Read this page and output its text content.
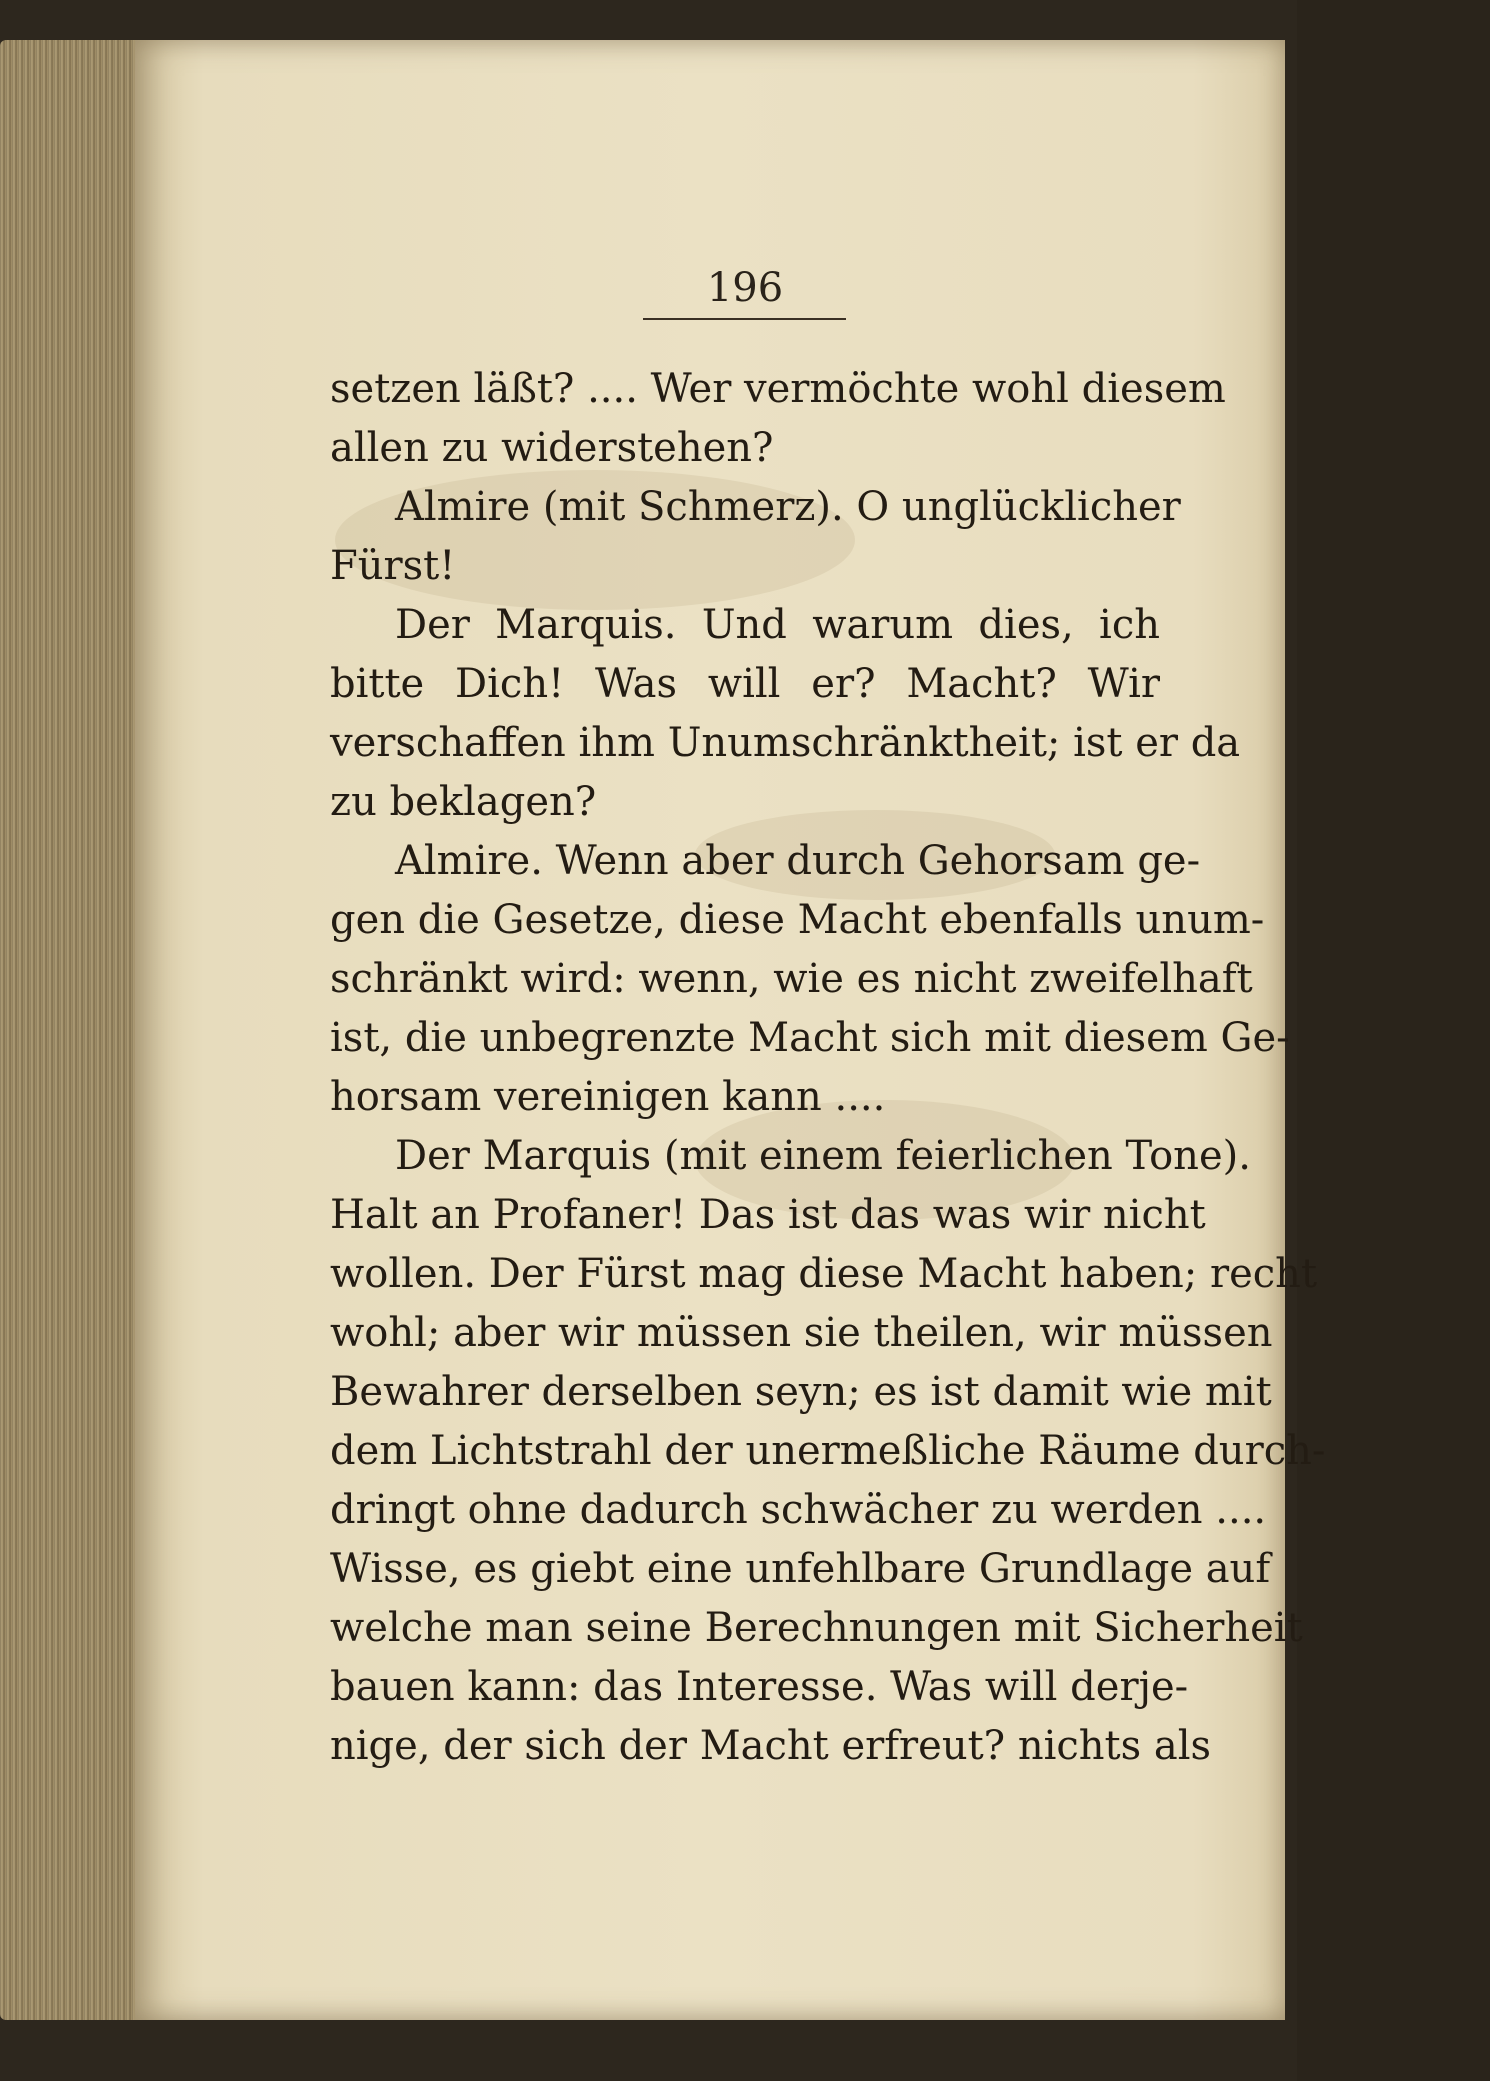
196
setzen läßt? .... Wer vermöchte wohl diesem
allen zu widerstehen?
Almire (mit Schmerz). O unglücklicher
Fürst!
Der Marquis. Und warum dies, ich
bitte Dich! Was will er? Macht? Wir
verschaffen ihm Unumschränktheit; ist er da
zu beklagen?
Almire. Wenn aber durch Gehorsam ge-
gen die Gesetze, diese Macht ebenfalls unum-
schränkt wird: wenn, wie es nicht zweifelhaft
ist, die unbegrenzte Macht sich mit diesem Ge-
horsam vereinigen kann ....
Der Marquis (mit einem feierlichen Tone).
Halt an Profaner! Das ist das was wir nicht
wollen. Der Fürst mag diese Macht haben; recht
wohl; aber wir müssen sie theilen, wir müssen
Bewahrer derselben seyn; es ist damit wie mit
dem Lichtstrahl der unermeßliche Räume durch-
dringt ohne dadurch schwächer zu werden ....
Wisse, es giebt eine unfehlbare Grundlage auf
welche man seine Berechnungen mit Sicherheit
bauen kann: das Interesse. Was will derje-
nige, der sich der Macht erfreut? nichts als
